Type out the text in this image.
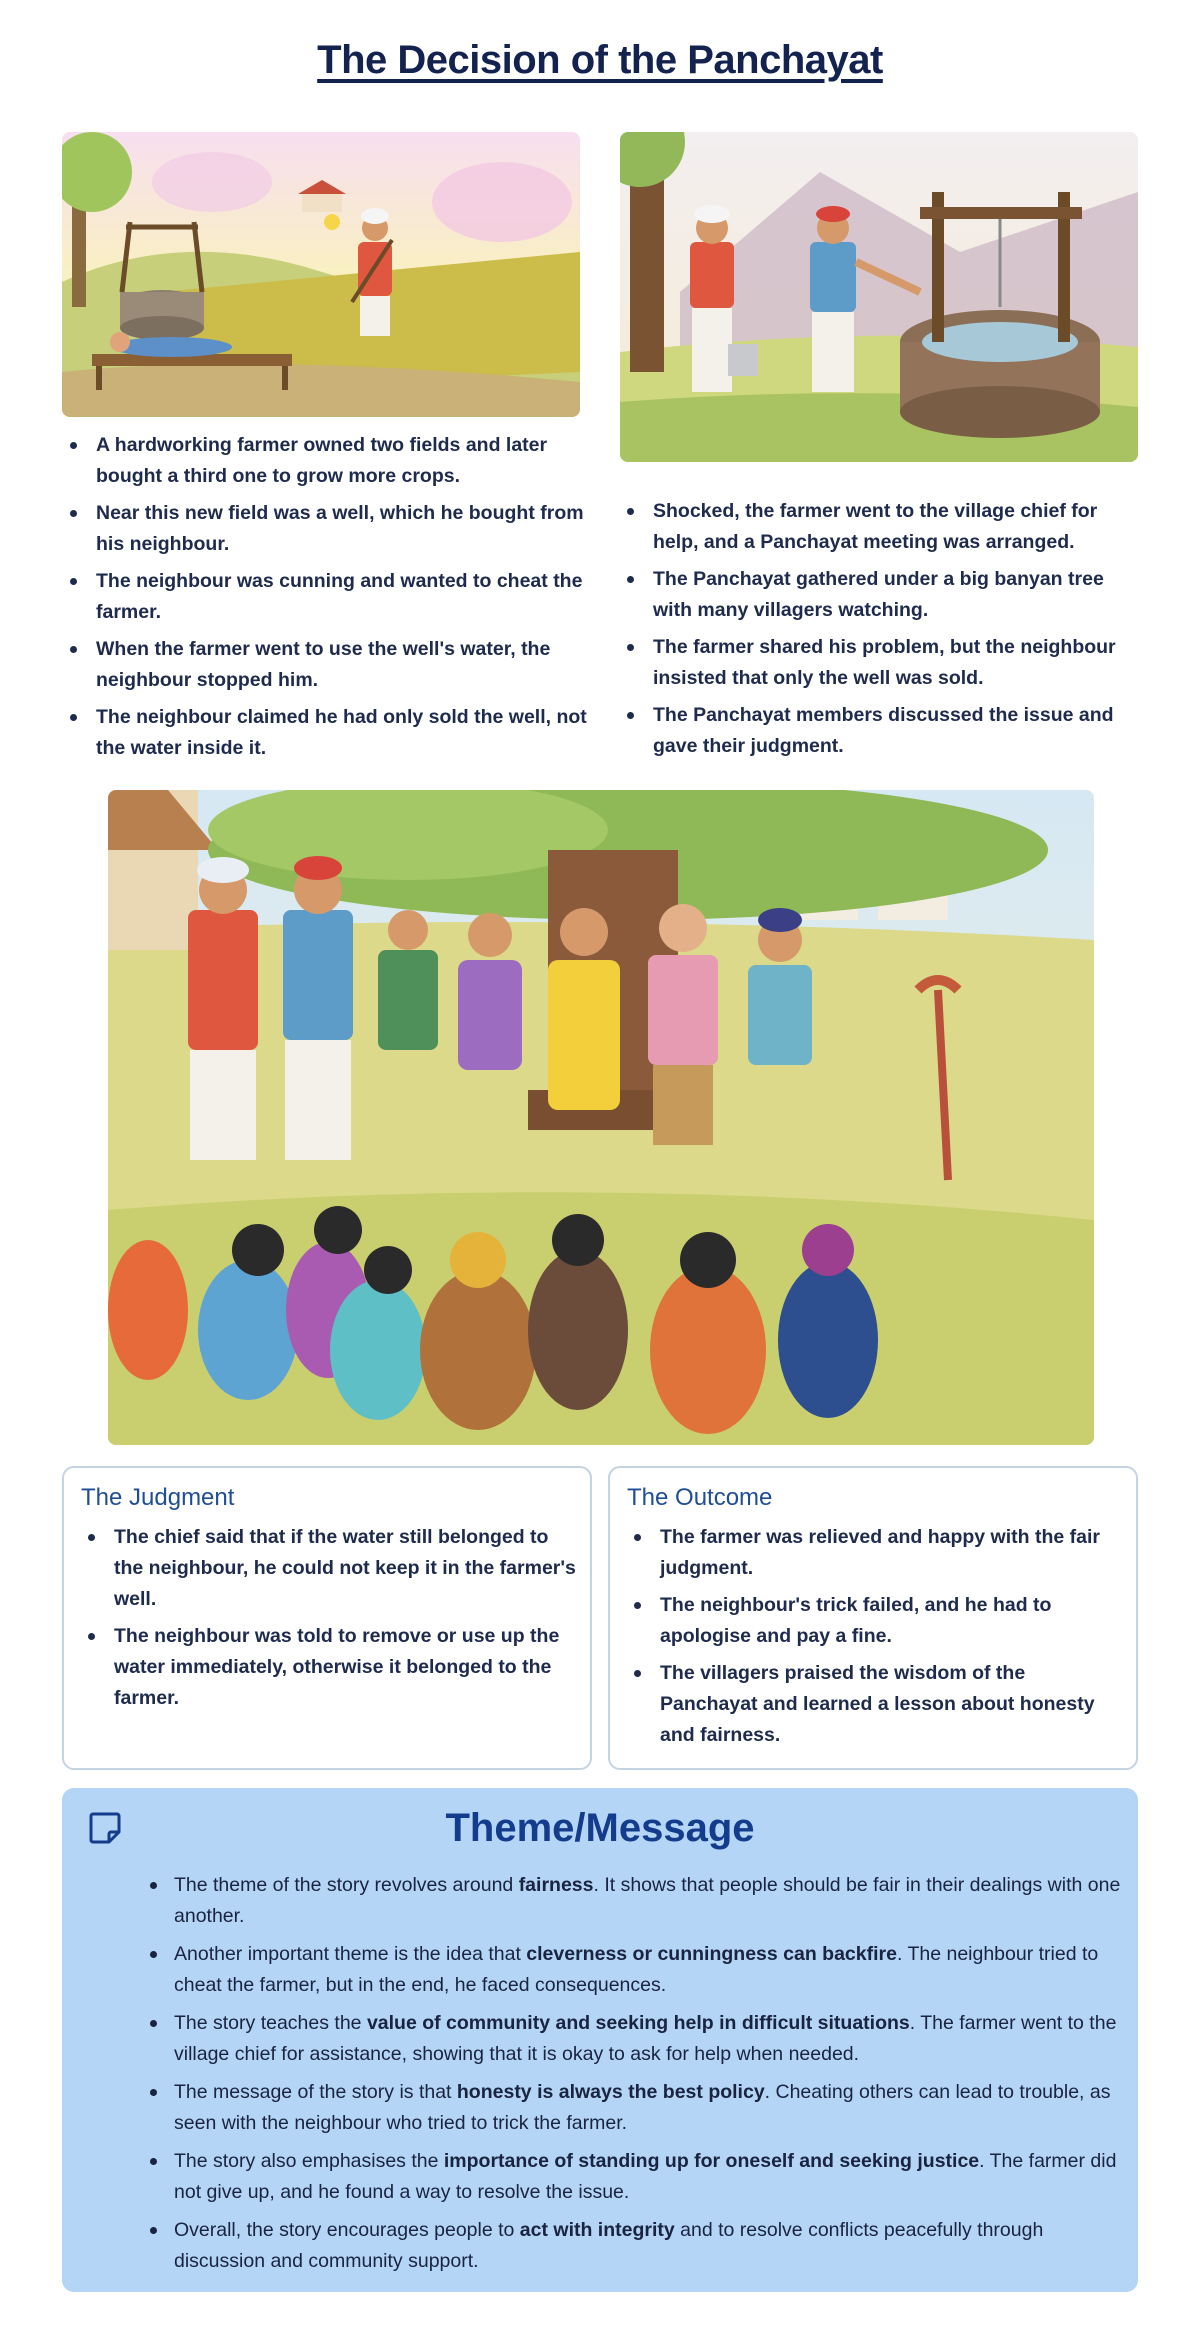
The Decision of the Panchayat
A hardworking farmer owned two fields and later bought a third one to grow more crops.
Near this new field was a well, which he bought from his neighbour.
The neighbour was cunning and wanted to cheat the farmer.
When the farmer went to use the well's water, the neighbour stopped him.
The neighbour claimed he had only sold the well, not the water inside it.
Shocked, the farmer went to the village chief for help, and a Panchayat meeting was arranged.
The Panchayat gathered under a big banyan tree with many villagers watching.
The farmer shared his problem, but the neighbour insisted that only the well was sold.
The Panchayat members discussed the issue and gave their judgment.
The Judgment
The chief said that if the water still belonged to the neighbour, he could not keep it in the farmer's well.
The neighbour was told to remove or use up the water immediately, otherwise it belonged to the farmer.
The Outcome
The farmer was relieved and happy with the fair judgment.
The neighbour's trick failed, and he had to apologise and pay a fine.
The villagers praised the wisdom of the Panchayat and learned a lesson about honesty and fairness.
Theme/Message
The theme of the story revolves around fairness. It shows that people should be fair in their dealings with one another.
Another important theme is the idea that cleverness or cunningness can backfire. The neighbour tried to cheat the farmer, but in the end, he faced consequences.
The story teaches the value of community and seeking help in difficult situations. The farmer went to the village chief for assistance, showing that it is okay to ask for help when needed.
The message of the story is that honesty is always the best policy. Cheating others can lead to trouble, as seen with the neighbour who tried to trick the farmer.
The story also emphasises the importance of standing up for oneself and seeking justice. The farmer did not give up, and he found a way to resolve the issue.
Overall, the story encourages people to act with integrity and to resolve conflicts peacefully through discussion and community support.
